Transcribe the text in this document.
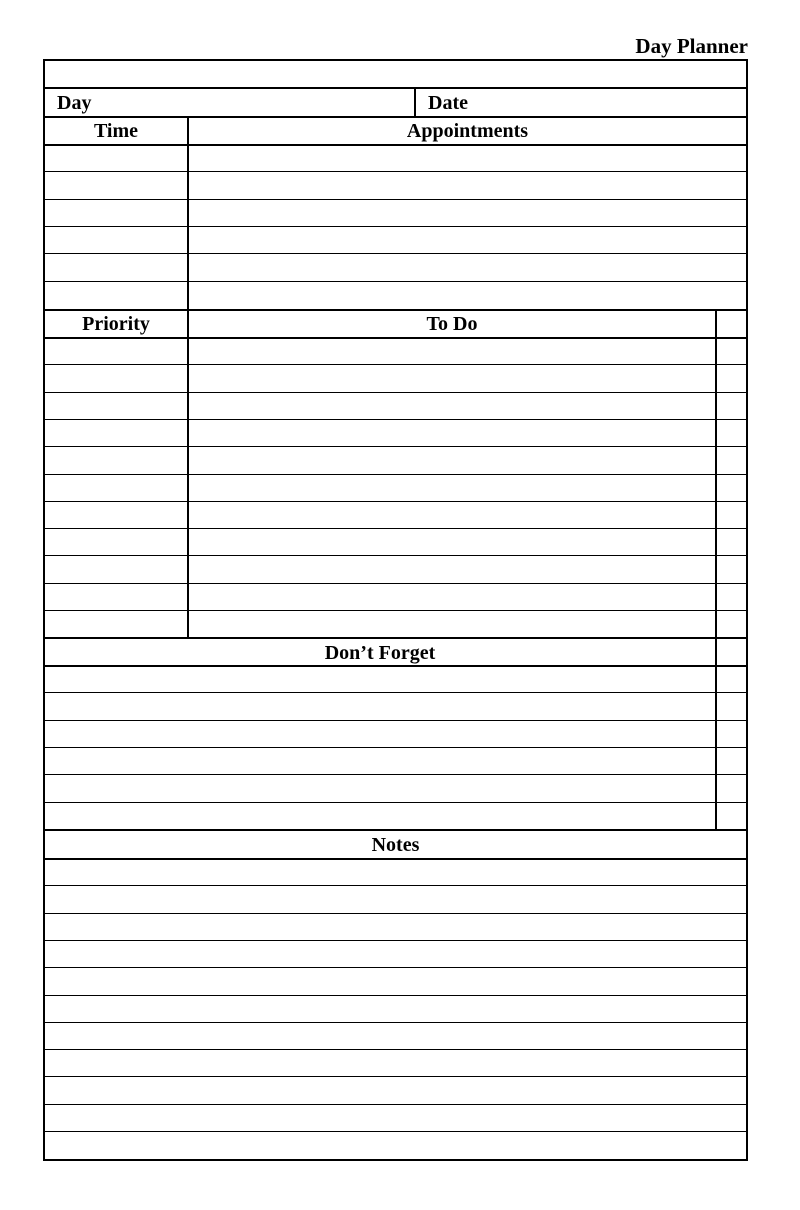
Day Planner
Day	Date
Time	Appointments
Priority	To Do
Don’t Forget
Notes
